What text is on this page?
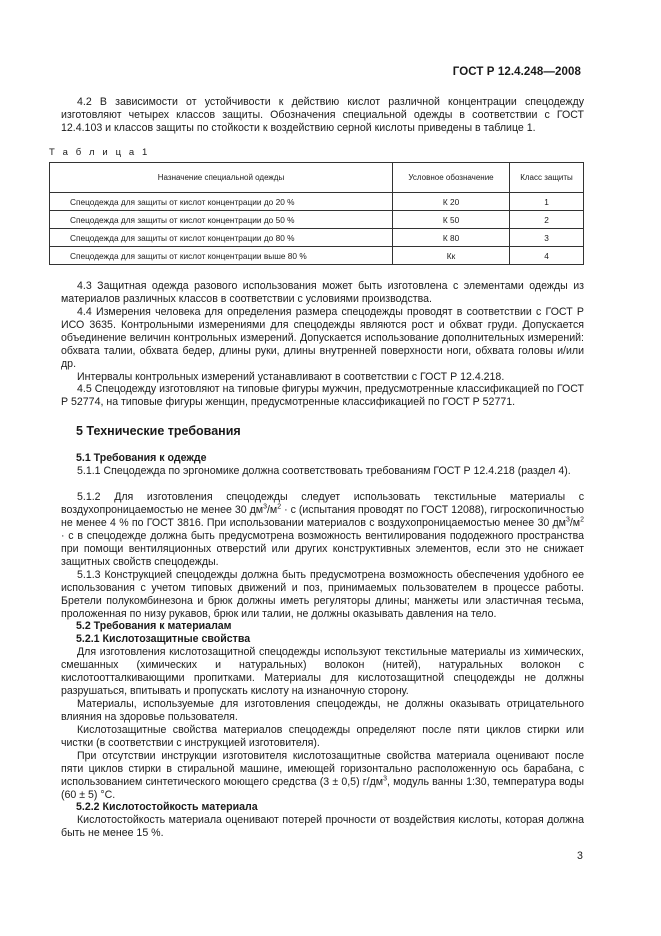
ГОСТ Р 12.4.248—2008

4.2 В зависимости от устойчивости к действию кислот различной концентрации спецодежду изготовляют четырех классов защиты. Обозначения специальной одежды в соответствии с ГОСТ 12.4.103 и классов защиты по стойкости к воздействию серной кислоты приведены в таблице 1.

Т а б л и ц а 1
Назначение специальной одежды	Условное обозначение	Класс защиты
Спецодежда для защиты от кислот концентрации до 20 %	К 20	1
Спецодежда для защиты от кислот концентрации до 50 %	К 50	2
Спецодежда для защиты от кислот концентрации до 80 %	К 80	3
Спецодежда для защиты от кислот концентрации выше 80 %	Кк	4

4.3 Защитная одежда разового использования может быть изготовлена с элементами одежды из материалов различных классов в соответствии с условиями производства.

4.4 Измерения человека для определения размера спецодежды проводят в соответствии с ГОСТ Р ИСО 3635. Контрольными измерениями для спецодежды являются рост и обхват груди. Допускается объединение величин контрольных измерений. Допускается использование дополнительных измерений: обхвата талии, обхвата бедер, длины руки, длины внутренней поверхности ноги, обхвата головы и/или др.

Интервалы контрольных измерений устанавливают в соответствии с ГОСТ Р 12.4.218.

4.5 Спецодежду изготовляют на типовые фигуры мужчин, предусмотренные классификацией по ГОСТ Р 52774, на типовые фигуры женщин, предусмотренные классификацией по ГОСТ Р 52771.

5 Технические требования
5.1 Требования к одежде

5.1.1 Спецодежда по эргономике должна соответствовать требованиям ГОСТ Р 12.4.218 (раздел 4).

5.1.2 Для изготовления спецодежды следует использовать текстильные материалы с воздухопроницаемостью не менее 30 $дм^3/м^2 \cdot с$ (испытания проводят по ГОСТ 12088), гигроскопичностью не менее 4 % по ГОСТ 3816. При использовании материалов с воздухопроницаемостью менее 30 $дм^3/м^2 \cdot с$ в спецодежде должна быть предусмотрена возможность вентилирования пододежного пространства при помощи вентиляционных отверстий или других конструктивных элементов, если это не снижает защитных свойств спецодежды.

5.1.3 Конструкцией спецодежды должна быть предусмотрена возможность обеспечения удобного ее использования с учетом типовых движений и поз, принимаемых пользователем в процессе работы. Бретели полукомбинезона и брюк должны иметь регуляторы длины; манжеты или эластичная тесьма, проложенная по низу рукавов, брюк или талии, не должны оказывать давления на тело.

5.2 Требования к материалам
5.2.1 Кислотозащитные свойства

Для изготовления кислотозащитной спецодежды используют текстильные материалы из химических, смешанных (химических и натуральных) волокон (нитей), натуральных волокон с кислотоотталкивающими пропитками. Материалы для кислотозащитной спецодежды не должны разрушаться, впитывать и пропускать кислоту на изнаночную сторону.

Материалы, используемые для изготовления спецодежды, не должны оказывать отрицательного влияния на здоровье пользователя.

Кислотозащитные свойства материалов спецодежды определяют после пяти циклов стирки или чистки (в соответствии с инструкцией изготовителя).

При отсутствии инструкции изготовителя кислотозащитные свойства материала оценивают после пяти циклов стирки в стиральной машине, имеющей горизонтально расположенную ось барабана, с использованием синтетического моющего средства (3 ± 0,5) $г/дм^3$, модуль ванны 1:30, температура воды (60 ± 5) °С.

5.2.2 Кислотостойкость материала

Кислотостойкость материала оценивают потерей прочности от воздействия кислоты, которая должна быть не менее 15 %.

3
